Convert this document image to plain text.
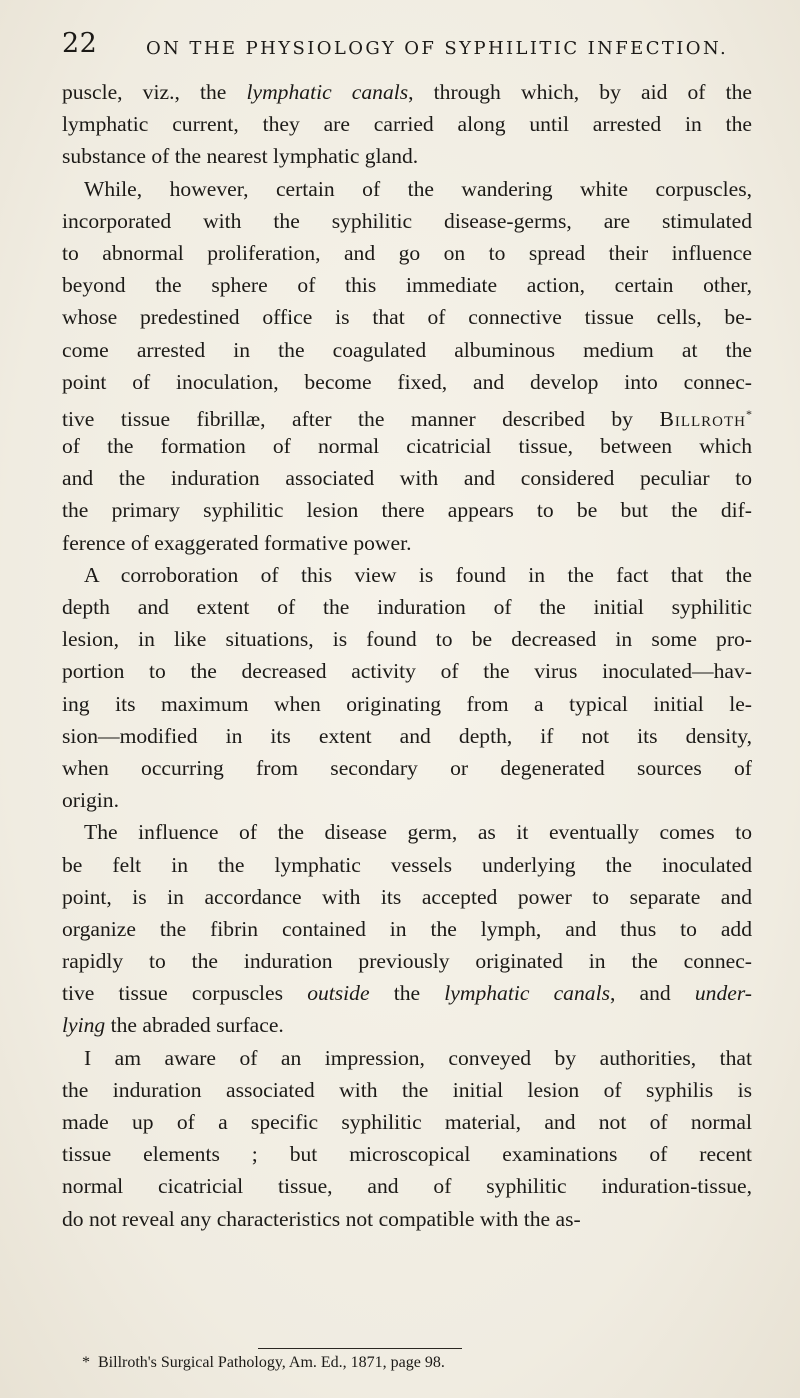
22	ON THE PHYSIOLOGY OF SYPHILITIC INFECTION.
puscle, viz., the lymphatic canals, through which, by aid of the
lymphatic current, they are carried along until arrested in the
substance of the nearest lymphatic gland.
While, however, certain of the wandering white corpuscles,
incorporated with the syphilitic disease-germs, are stimulated
to abnormal proliferation, and go on to spread their influence
beyond the sphere of this immediate action, certain other,
whose predestined office is that of connective tissue cells, be-
come arrested in the coagulated albuminous medium at the
point of inoculation, become fixed, and develop into connec-
tive tissue fibrillæ, after the manner described by Billroth*
of the formation of normal cicatricial tissue, between which
and the induration associated with and considered peculiar to
the primary syphilitic lesion there appears to be but the dif-
ference of exaggerated formative power.
A corroboration of this view is found in the fact that the
depth and extent of the induration of the initial syphilitic
lesion, in like situations, is found to be decreased in some pro-
portion to the decreased activity of the virus inoculated—hav-
ing its maximum when originating from a typical initial le-
sion—modified in its extent and depth, if not its density,
when occurring from secondary or degenerated sources of
origin.
The influence of the disease germ, as it eventually comes to
be felt in the lymphatic vessels underlying the inoculated
point, is in accordance with its accepted power to separate and
organize the fibrin contained in the lymph, and thus to add
rapidly to the induration previously originated in the connec-
tive tissue corpuscles outside the lymphatic canals, and under-
lying the abraded surface.
I am aware of an impression, conveyed by authorities, that
the induration associated with the initial lesion of syphilis is
made up of a specific syphilitic material, and not of normal
tissue elements ; but microscopical examinations of recent
normal cicatricial tissue, and of syphilitic induration-tissue,
do not reveal any characteristics not compatible with the as-
* Billroth's Surgical Pathology, Am. Ed., 1871, page 98.
